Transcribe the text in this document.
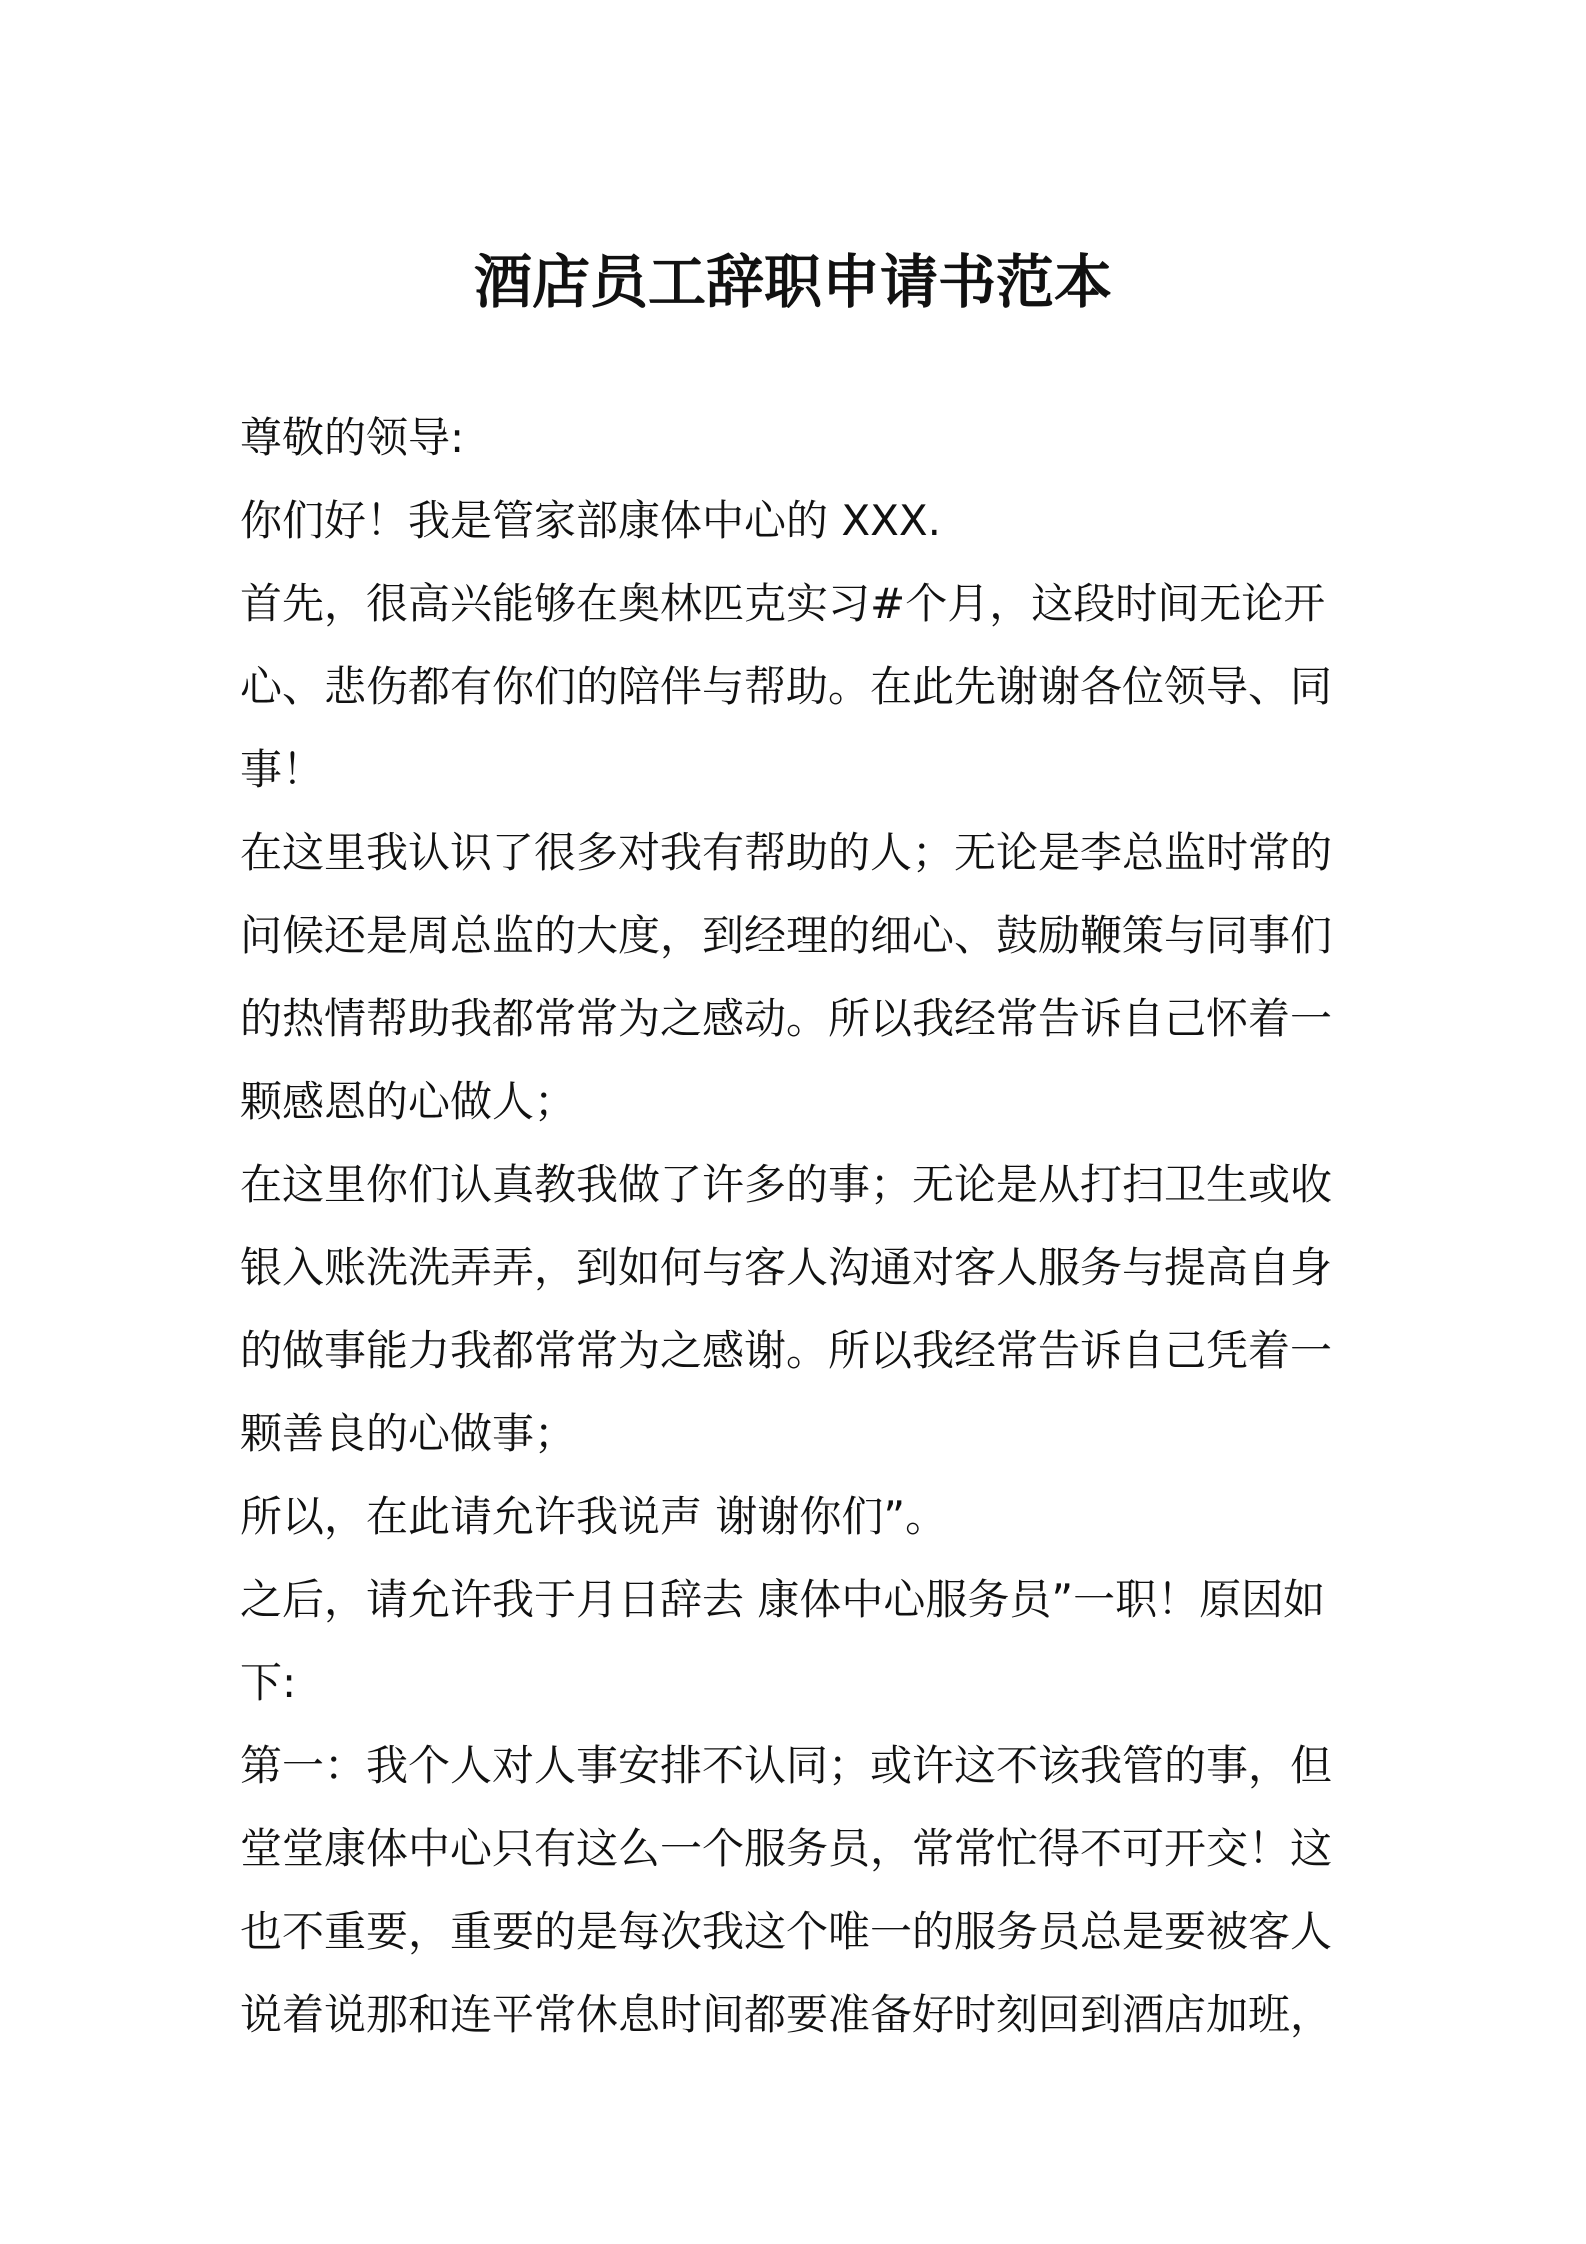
酒店员工辞职申请书范本
尊敬的领导:
你们好！我是管家部康体中心的 XXX.
首先，很高兴能够在奥林匹克实习#个月，这段时间无论开
心、悲伤都有你们的陪伴与帮助。在此先谢谢各位领导、同
事！
在这里我认识了很多对我有帮助的人；无论是李总监时常的
问候还是周总监的大度，到经理的细心、鼓励鞭策与同事们
的热情帮助我都常常为之感动。所以我经常告诉自己怀着一
颗感恩的心做人；
在这里你们认真教我做了许多的事；无论是从打扫卫生或收
银入账洗洗弄弄，到如何与客人沟通对客人服务与提高自身
的做事能力我都常常为之感谢。所以我经常告诉自己凭着一
颗善良的心做事；
所以，在此请允许我说声 谢谢你们”。
之后，请允许我于月日辞去 康体中心服务员”一职！原因如
下:
第一：我个人对人事安排不认同；或许这不该我管的事，但
堂堂康体中心只有这么一个服务员，常常忙得不可开交！这
也不重要，重要的是每次我这个唯一的服务员总是要被客人
说着说那和连平常休息时间都要准备好时刻回到酒店加班，
